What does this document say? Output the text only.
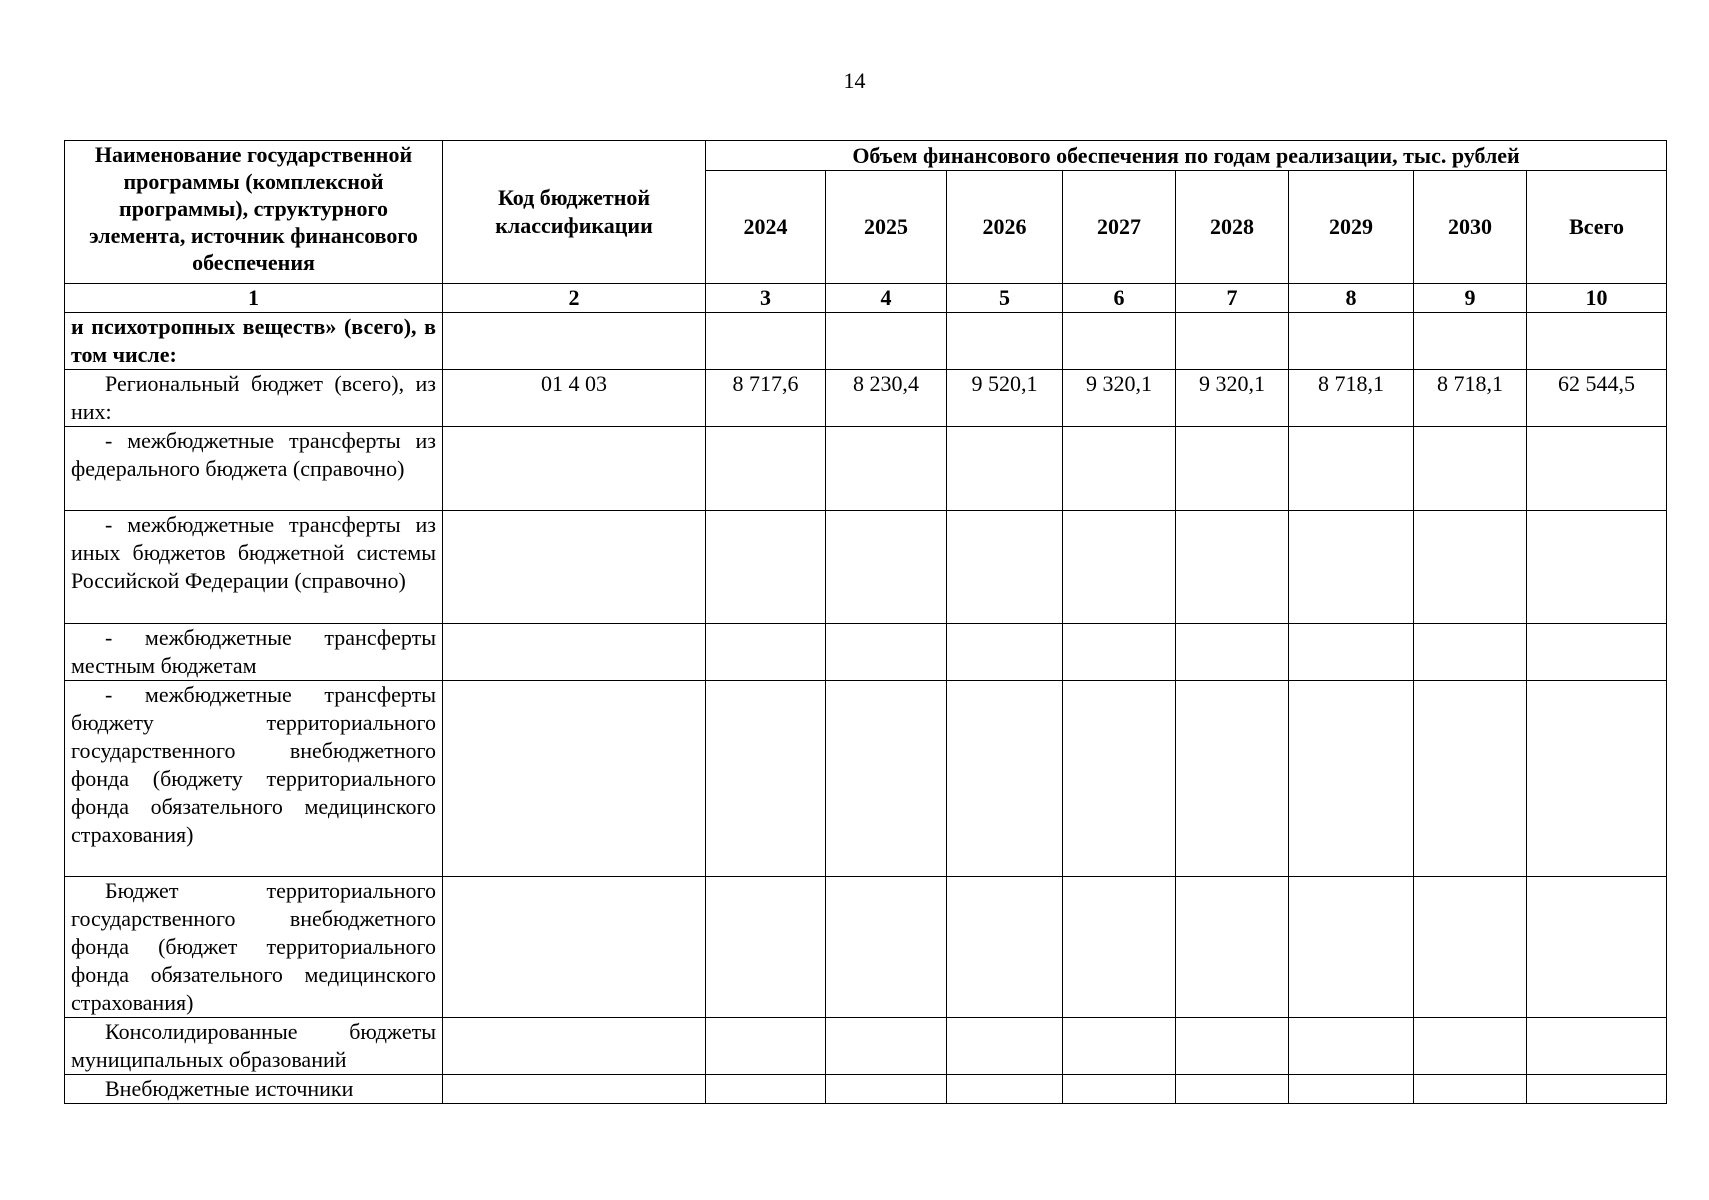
14
Наименование государственной программы (комплексной программы), структурного элемента, источник финансового обеспечения	Код бюджетной классификации	Объем финансового обеспечения по годам реализации, тыс. рублей							
		2024	2025	2026	2027	2028	2029	2030	Всего
1	2	3	4	5	6	7	8	9	10
и психотропных веществ» (всего), в том числе:									
Региональный бюджет (всего), из них:	01 4 03	8 717,6	8 230,4	9 520,1	9 320,1	9 320,1	8 718,1	8 718,1	62 544,5
- межбюджетные трансферты из федерального бюджета (справочно)									
- межбюджетные трансферты из иных бюджетов бюджетной системы Российской Федерации (справочно)									
- межбюджетные трансферты местным бюджетам									
- межбюджетные трансферты бюджету территориального государственного внебюджетного фонда (бюджету территориального фонда обязательного медицинского страхования)									
Бюджет территориального государственного внебюджетного фонда (бюджет территориального фонда обязательного медицинского страхования)									
Консолидированные бюджеты муниципальных образований									
Внебюджетные источники									
